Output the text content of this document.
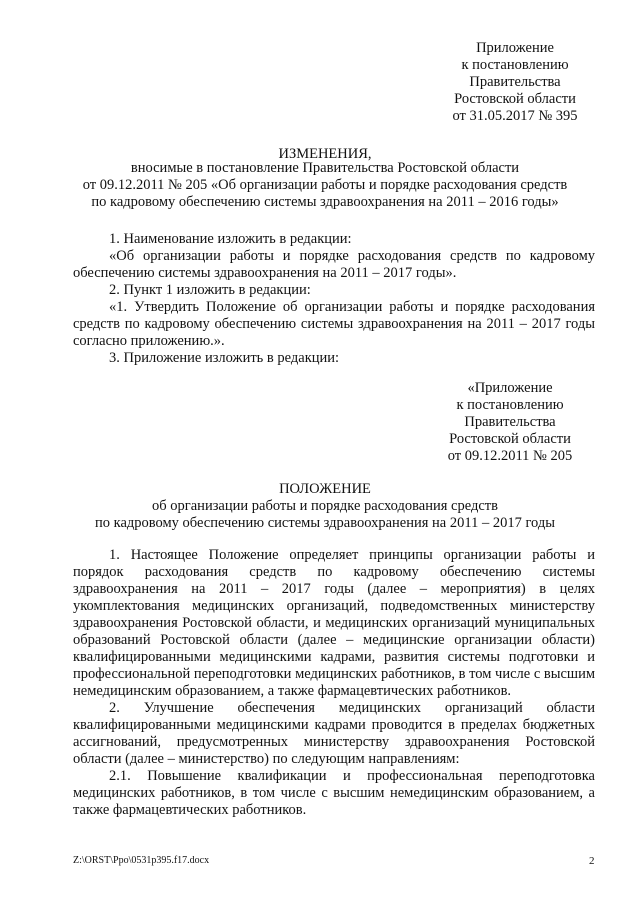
Приложение
к постановлению
Правительства
Ростовской области
от 31.05.2017 № 395
ИЗМЕНЕНИЯ,
вносимые в постановление Правительства Ростовской области
от 09.12.2011 № 205 «Об организации работы и порядке расходования средств
по кадровому обеспечению системы здравоохранения на 2011 – 2016 годы»

1. Наименование изложить в редакции:

«Об организации работы и порядке расходования средств по кадровому обеспечению системы здравоохранения на 2011 – 2017 годы».

2. Пункт 1 изложить в редакции:

«1. Утвердить Положение об организации работы и порядке расходования средств по кадровому обеспечению системы здравоохранения на 2011 – 2017 годы согласно приложению.».

3. Приложение изложить в редакции:

«Приложение
к постановлению
Правительства
Ростовской области
от 09.12.2011 № 205
ПОЛОЖЕНИЕ
об организации работы и порядке расходования средств
по кадровому обеспечению системы здравоохранения на 2011 – 2017 годы

1. Настоящее Положение определяет принципы организации работы и порядок расходования средств по кадровому обеспечению системы здравоохранения на 2011 – 2017 годы (далее – мероприятия) в целях укомплектования медицинских организаций, подведомственных министерству здравоохранения Ростовской области, и медицинских организаций муниципальных образований Ростовской области (далее – медицинские организации области) квалифицированными медицинскими кадрами, развития системы подготовки и профессиональной переподготовки медицинских работников, в том числе с высшим немедицинским образованием, а также фармацевтических работников.

2. Улучшение обеспечения медицинских организаций области квалифицированными медицинскими кадрами проводится в пределах бюджетных ассигнований, предусмотренных министерству здравоохранения Ростовской области (далее – министерство) по следующим направлениям:

2.1. Повышение квалификации и профессиональная переподготовка медицинских работников, в том числе с высшим немедицинским образованием, а также фармацевтических работников.

Z:\ORST\Ppo\0531p395.f17.docx	2
